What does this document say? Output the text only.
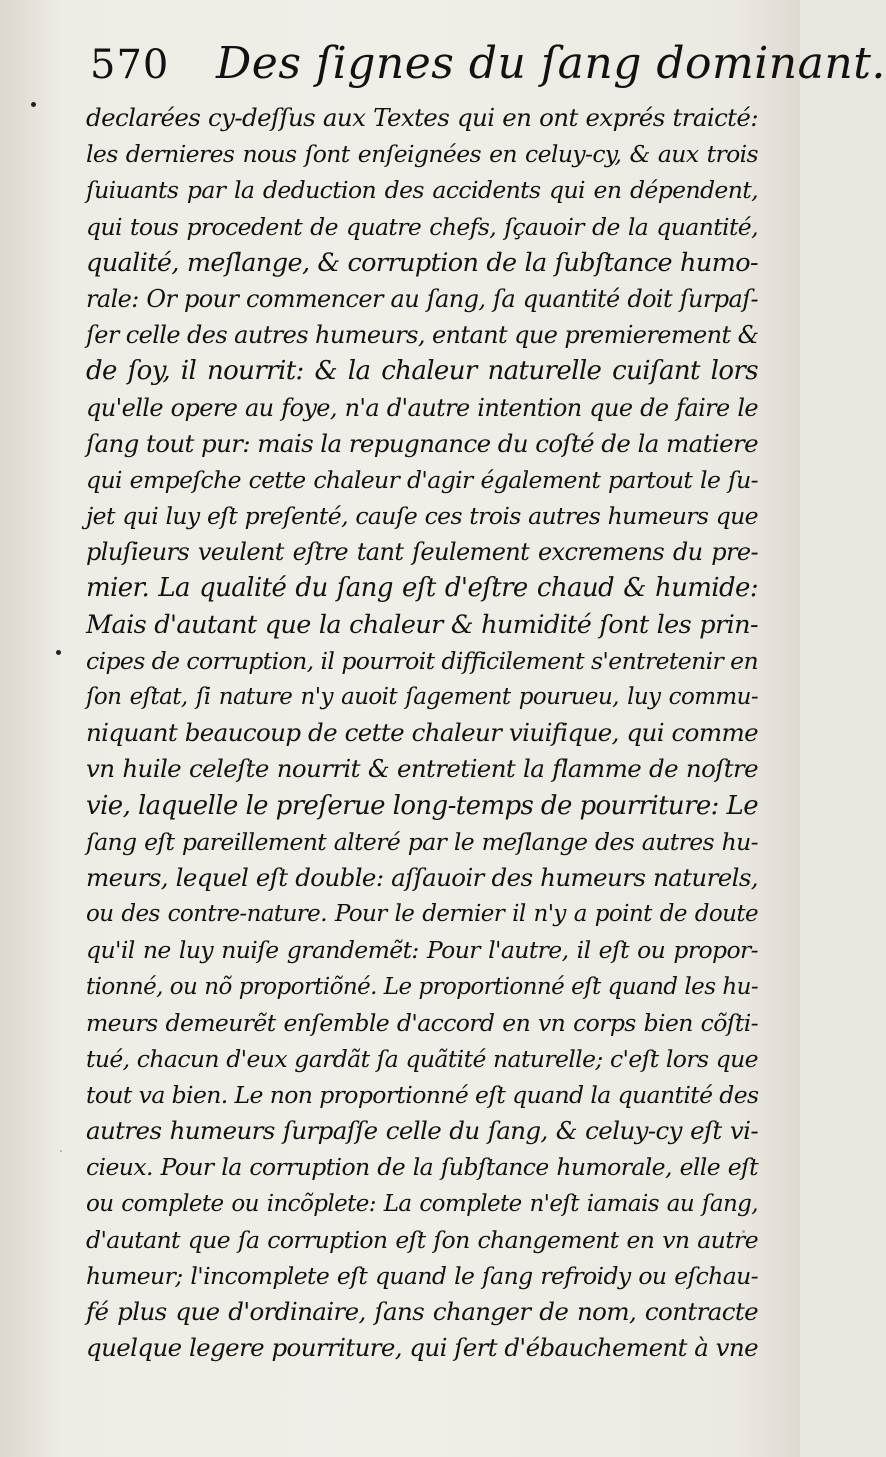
570 Des ſignes du ſang dominant.
declarées cy-deſſus aux Textes qui en ont exprés traicté:
les dernieres nous ſont enſeignées en celuy-cy, & aux trois
ſuiuants par la deduction des accidents qui en dépendent,
qui tous procedent de quatre chefs, ſçauoir de la quantité,
qualité, meſlange, & corruption de la ſubſtance humo-
rale: Or pour commencer au ſang, ſa quantité doit ſurpaſ-
ſer celle des autres humeurs, entant que premierement &
de ſoy, il nourrit: & la chaleur naturelle cuiſant lors
qu'elle opere au foye, n'a d'autre intention que de faire le
ſang tout pur: mais la repugnance du coſté de la matiere
qui empeſche cette chaleur d'agir également partout le ſu-
jet qui luy eſt preſenté, cauſe ces trois autres humeurs que
pluſieurs veulent eſtre tant ſeulement excremens du pre-
mier. La qualité du ſang eſt d'eſtre chaud & humide:
Mais d'autant que la chaleur & humidité ſont les prin-
cipes de corruption, il pourroit difficilement s'entretenir en
ſon eſtat, ſi nature n'y auoit ſagement pourueu, luy commu-
niquant beaucoup de cette chaleur viuifique, qui comme
vn huile celeſte nourrit & entretient la flamme de noſtre
vie, laquelle le preſerue long-temps de pourriture: Le
ſang eſt pareillement alteré par le meſlange des autres hu-
meurs, lequel eſt double: aſſauoir des humeurs naturels,
ou des contre-nature. Pour le dernier il n'y a point de doute
qu'il ne luy nuiſe grandemẽt: Pour l'autre, il eſt ou propor-
tionné, ou nõ proportiõné. Le proportionné eſt quand les hu-
meurs demeurẽt enſemble d'accord en vn corps bien cõſti-
tué, chacun d'eux gardãt ſa quãtité naturelle; c'eſt lors que
tout va bien. Le non proportionné eſt quand la quantité des
autres humeurs ſurpaſſe celle du ſang, & celuy-cy eſt vi-
cieux. Pour la corruption de la ſubſtance humorale, elle eſt
ou complete ou incõplete: La complete n'eſt iamais au ſang,
d'autant que ſa corruption eſt ſon changement en vn autre
humeur; l'incomplete eſt quand le ſang refroidy ou eſchau-
fé plus que d'ordinaire, ſans changer de nom, contracte
quelque legere pourriture, qui ſert d'ébauchement à vne
